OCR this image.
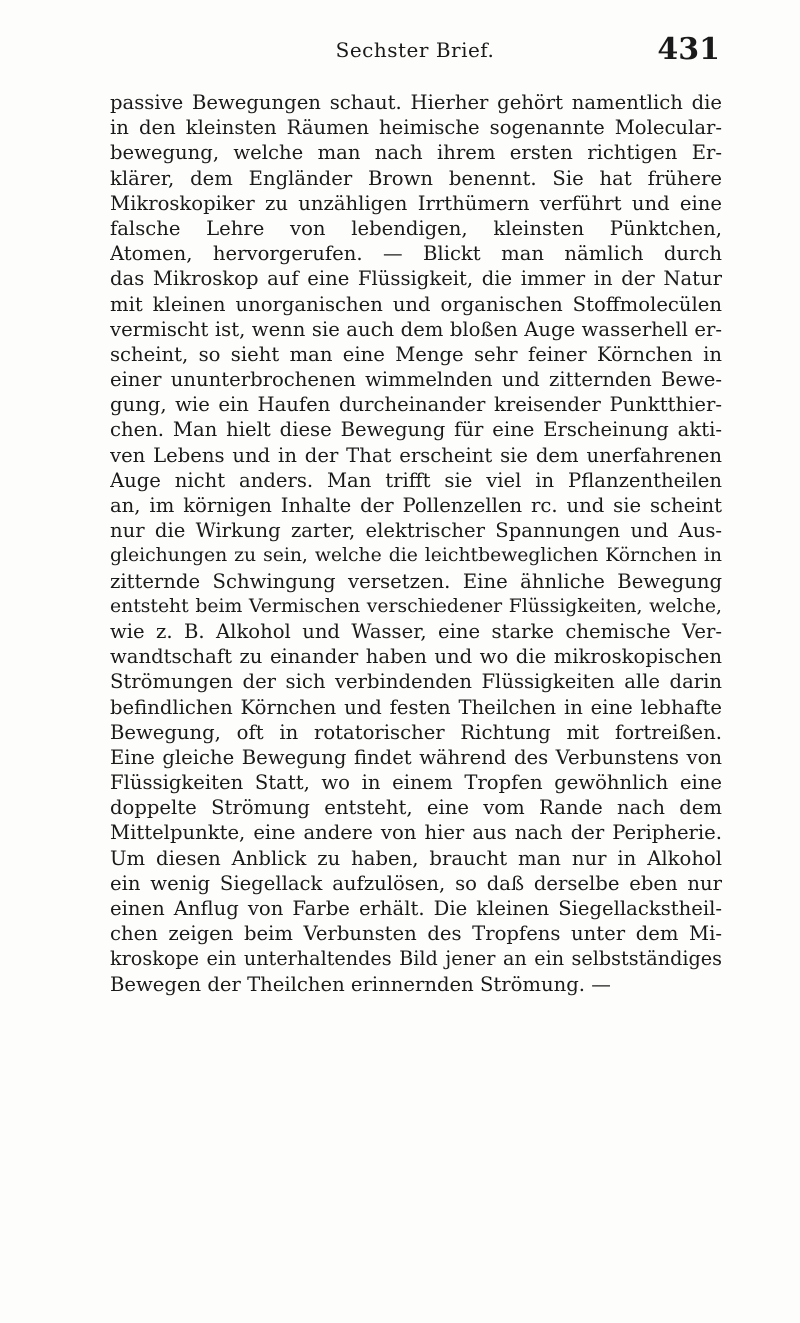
Sechster Brief.	431
passive Bewegungen schaut. Hierher gehört namentlich die
in den kleinsten Räumen heimische sogenannte Molecular-
bewegung, welche man nach ihrem ersten richtigen Er-
klärer, dem Engländer Brown benennt. Sie hat frühere
Mikroskopiker zu unzähligen Irrthümern verführt und eine
falsche Lehre von lebendigen, kleinsten Pünktchen,
Atomen, hervorgerufen. — Blickt man nämlich durch
das Mikroskop auf eine Flüssigkeit, die immer in der Natur
mit kleinen unorganischen und organischen Stoffmolecülen
vermischt ist, wenn sie auch dem bloßen Auge wasserhell er-
scheint, so sieht man eine Menge sehr feiner Körnchen in
einer ununterbrochenen wimmelnden und zitternden Bewe-
gung, wie ein Haufen durcheinander kreisender Punktthier-
chen. Man hielt diese Bewegung für eine Erscheinung akti-
ven Lebens und in der That erscheint sie dem unerfahrenen
Auge nicht anders. Man trifft sie viel in Pflanzentheilen
an, im körnigen Inhalte der Pollenzellen rc. und sie scheint
nur die Wirkung zarter, elektrischer Spannungen und Aus-
gleichungen zu sein, welche die leichtbeweglichen Körnchen in
zitternde Schwingung versetzen. Eine ähnliche Bewegung
entsteht beim Vermischen verschiedener Flüssigkeiten, welche,
wie z. B. Alkohol und Wasser, eine starke chemische Ver-
wandtschaft zu einander haben und wo die mikroskopischen
Strömungen der sich verbindenden Flüssigkeiten alle darin
befindlichen Körnchen und festen Theilchen in eine lebhafte
Bewegung, oft in rotatorischer Richtung mit fortreißen.
Eine gleiche Bewegung findet während des Verbunstens von
Flüssigkeiten Statt, wo in einem Tropfen gewöhnlich eine
doppelte Strömung entsteht, eine vom Rande nach dem
Mittelpunkte, eine andere von hier aus nach der Peripherie.
Um diesen Anblick zu haben, braucht man nur in Alkohol
ein wenig Siegellack aufzulösen, so daß derselbe eben nur
einen Anflug von Farbe erhält. Die kleinen Siegellackstheil-
chen zeigen beim Verbunsten des Tropfens unter dem Mi-
kroskope ein unterhaltendes Bild jener an ein selbstständiges
Bewegen der Theilchen erinnernden Strömung. —
